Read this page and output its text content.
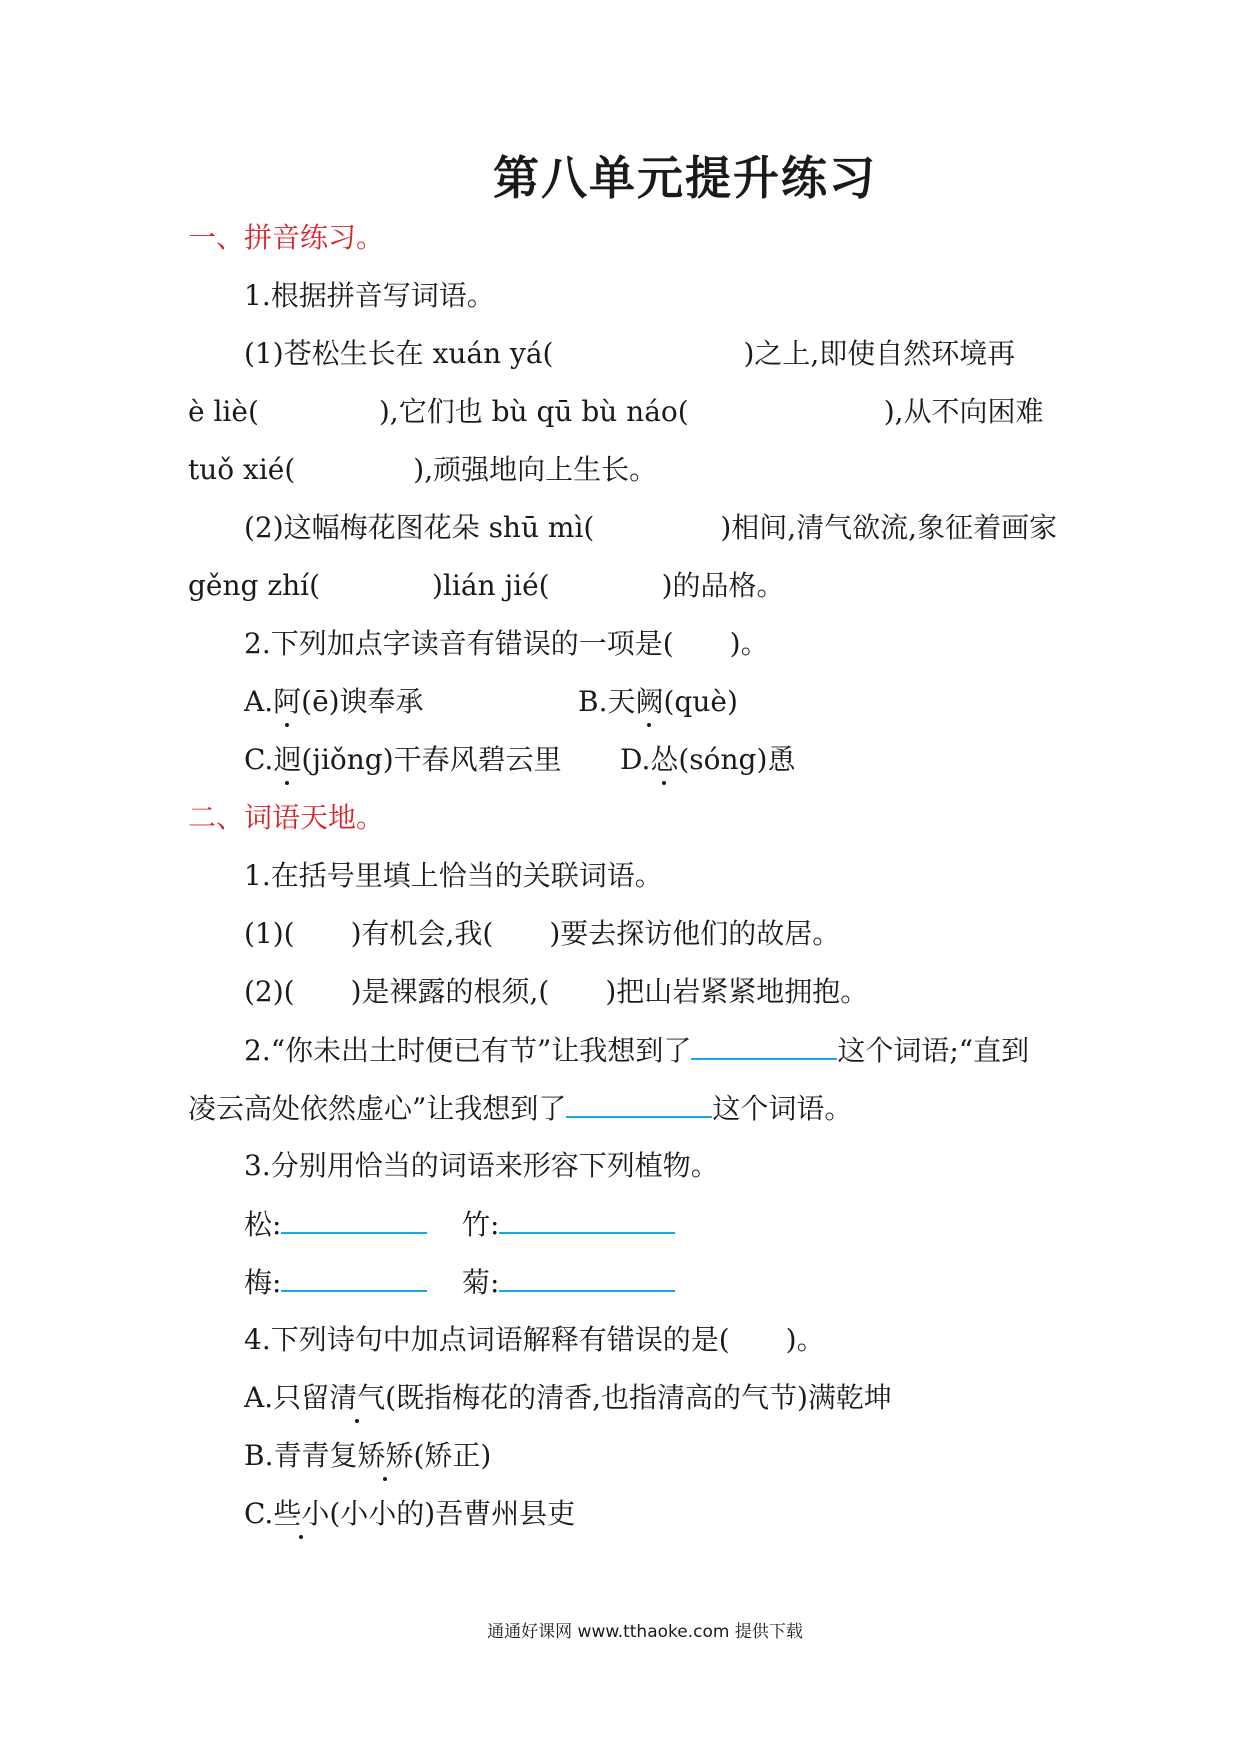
第八单元提升练习
一、拼音练习。
1.根据拼音写词语。
(1)苍松生长在 xuán yá(	)之上,即使自然环境再
è liè(	),它们也 bù qū bù náo(	),从不向困难
tuǒ xié(	),顽强地向上生长。
(2)这幅梅花图花朵 shū mì(	)相间,清气欲流,象征着画家
gěng zhí(	)lián jié(	)的品格。
2.下列加点字读音有错误的一项是( )。
A.阿(ē)谀奉承	B.天阙(què)
C.迥(jiǒng)干春风碧云里 D.怂(sóng)恿
二、词语天地。
1.在括号里填上恰当的关联词语。
(1)( )有机会,我( )要去探访他们的故居。
(2)( )是裸露的根须,( )把山岩紧紧地拥抱。
2.“你未出土时便已有节”让我想到了	这个词语;“直到
凌云高处依然虚心”让我想到了	这个词语。
3.分别用恰当的词语来形容下列植物。
松:	竹:
梅:	菊:
4.下列诗句中加点词语解释有错误的是( )。
A.只留清气(既指梅花的清香,也指清高的气节)满乾坤
B.青青复矫矫(矫正)
C.些小(小小的)吾曹州县吏
通通好课网 www.tthaoke.com 提供下载
